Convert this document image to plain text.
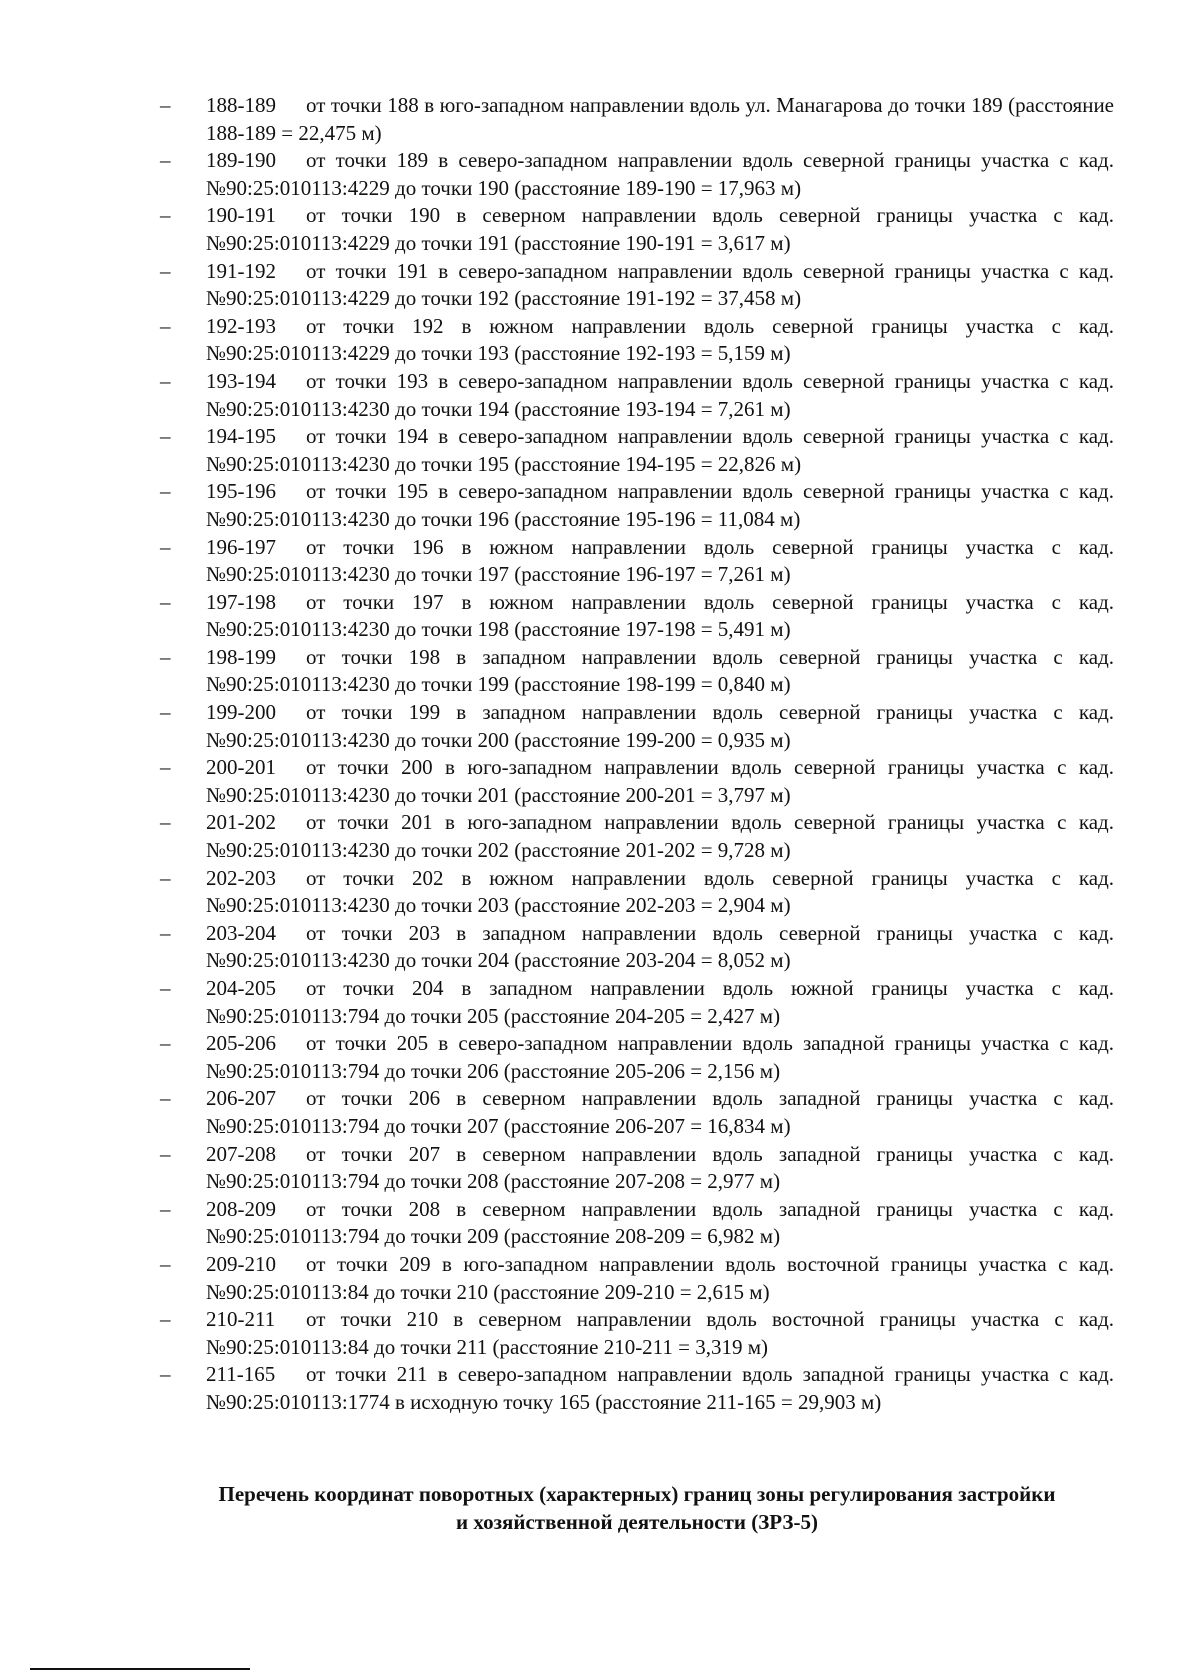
–	188-189 от точки 188 в юго-западном направлении вдоль ул. Манагарова до точки 189 (расстояние 188-189 = 22,475 м)
–	189-190 от точки 189 в северо-западном направлении вдоль северной границы участка с кад. №90:25:010113:4229 до точки 190 (расстояние 189-190 = 17,963 м)
–	190-191 от точки 190 в северном направлении вдоль северной границы участка с кад. №90:25:010113:4229 до точки 191 (расстояние 190-191 = 3,617 м)
–	191-192 от точки 191 в северо-западном направлении вдоль северной границы участка с кад. №90:25:010113:4229 до точки 192 (расстояние 191-192 = 37,458 м)
–	192-193 от точки 192 в южном направлении вдоль северной границы участка с кад. №90:25:010113:4229 до точки 193 (расстояние 192-193 = 5,159 м)
–	193-194 от точки 193 в северо-западном направлении вдоль северной границы участка с кад. №90:25:010113:4230 до точки 194 (расстояние 193-194 = 7,261 м)
–	194-195 от точки 194 в северо-западном направлении вдоль северной границы участка с кад. №90:25:010113:4230 до точки 195 (расстояние 194-195 = 22,826 м)
–	195-196 от точки 195 в северо-западном направлении вдоль северной границы участка с кад. №90:25:010113:4230 до точки 196 (расстояние 195-196 = 11,084 м)
–	196-197 от точки 196 в южном направлении вдоль северной границы участка с кад. №90:25:010113:4230 до точки 197 (расстояние 196-197 = 7,261 м)
–	197-198 от точки 197 в южном направлении вдоль северной границы участка с кад. №90:25:010113:4230 до точки 198 (расстояние 197-198 = 5,491 м)
–	198-199 от точки 198 в западном направлении вдоль северной границы участка с кад. №90:25:010113:4230 до точки 199 (расстояние 198-199 = 0,840 м)
–	199-200 от точки 199 в западном направлении вдоль северной границы участка с кад. №90:25:010113:4230 до точки 200 (расстояние 199-200 = 0,935 м)
–	200-201 от точки 200 в юго-западном направлении вдоль северной границы участка с кад. №90:25:010113:4230 до точки 201 (расстояние 200-201 = 3,797 м)
–	201-202 от точки 201 в юго-западном направлении вдоль северной границы участка с кад. №90:25:010113:4230 до точки 202 (расстояние 201-202 = 9,728 м)
–	202-203 от точки 202 в южном направлении вдоль северной границы участка с кад. №90:25:010113:4230 до точки 203 (расстояние 202-203 = 2,904 м)
–	203-204 от точки 203 в западном направлении вдоль северной границы участка с кад. №90:25:010113:4230 до точки 204 (расстояние 203-204 = 8,052 м)
–	204-205 от точки 204 в западном направлении вдоль южной границы участка с кад. №90:25:010113:794 до точки 205 (расстояние 204-205 = 2,427 м)
–	205-206 от точки 205 в северо-западном направлении вдоль западной границы участка с кад. №90:25:010113:794 до точки 206 (расстояние 205-206 = 2,156 м)
–	206-207 от точки 206 в северном направлении вдоль западной границы участка с кад. №90:25:010113:794 до точки 207 (расстояние 206-207 = 16,834 м)
–	207-208 от точки 207 в северном направлении вдоль западной границы участка с кад. №90:25:010113:794 до точки 208 (расстояние 207-208 = 2,977 м)
–	208-209 от точки 208 в северном направлении вдоль западной границы участка с кад. №90:25:010113:794 до точки 209 (расстояние 208-209 = 6,982 м)
–	209-210 от точки 209 в юго-западном направлении вдоль восточной границы участка с кад. №90:25:010113:84 до точки 210 (расстояние 209-210 = 2,615 м)
–	210-211 от точки 210 в северном направлении вдоль восточной границы участка с кад. №90:25:010113:84 до точки 211 (расстояние 210-211 = 3,319 м)
–	211-165 от точки 211 в северо-западном направлении вдоль западной границы участка с кад. №90:25:010113:1774 в исходную точку 165 (расстояние 211-165 = 29,903 м)
Перечень координат поворотных (характерных) границ зоны регулирования застройки
и хозяйственной деятельности (ЗРЗ-5)
